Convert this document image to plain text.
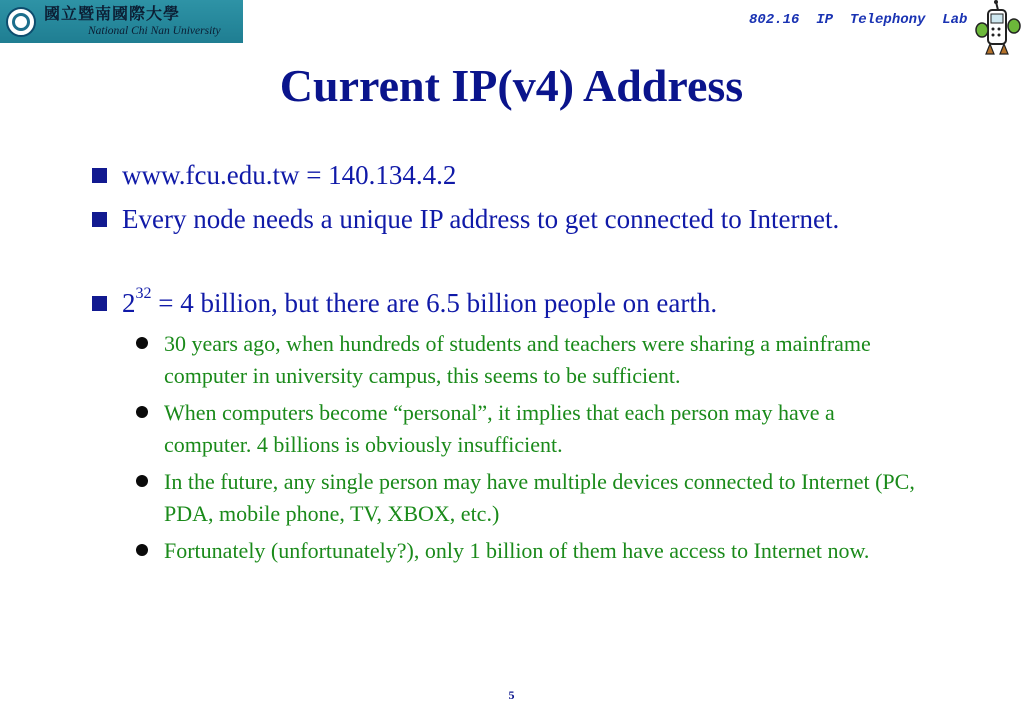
國立暨南國際大學
National Chi Nan University
802.16  IP  Telephony  Lab
Current IP(v4) Address
www.fcu.edu.tw = 140.134.4.2
Every node needs a unique IP address to get connected to Internet.
$2^{32} = 4$ billion, but there are 6.5 billion people on earth.
30 years ago, when hundreds of students and teachers were sharing a mainframe computer in university campus, this seems to be sufficient.
When computers become “personal”, it implies that each person may have a computer. 4 billions is obviously insufficient.
In the future, any single person may have multiple devices connected to Internet (PC, PDA, mobile phone, TV, XBOX, etc.)
Fortunately (unfortunately?), only 1 billion of them have access to Internet now.
5
